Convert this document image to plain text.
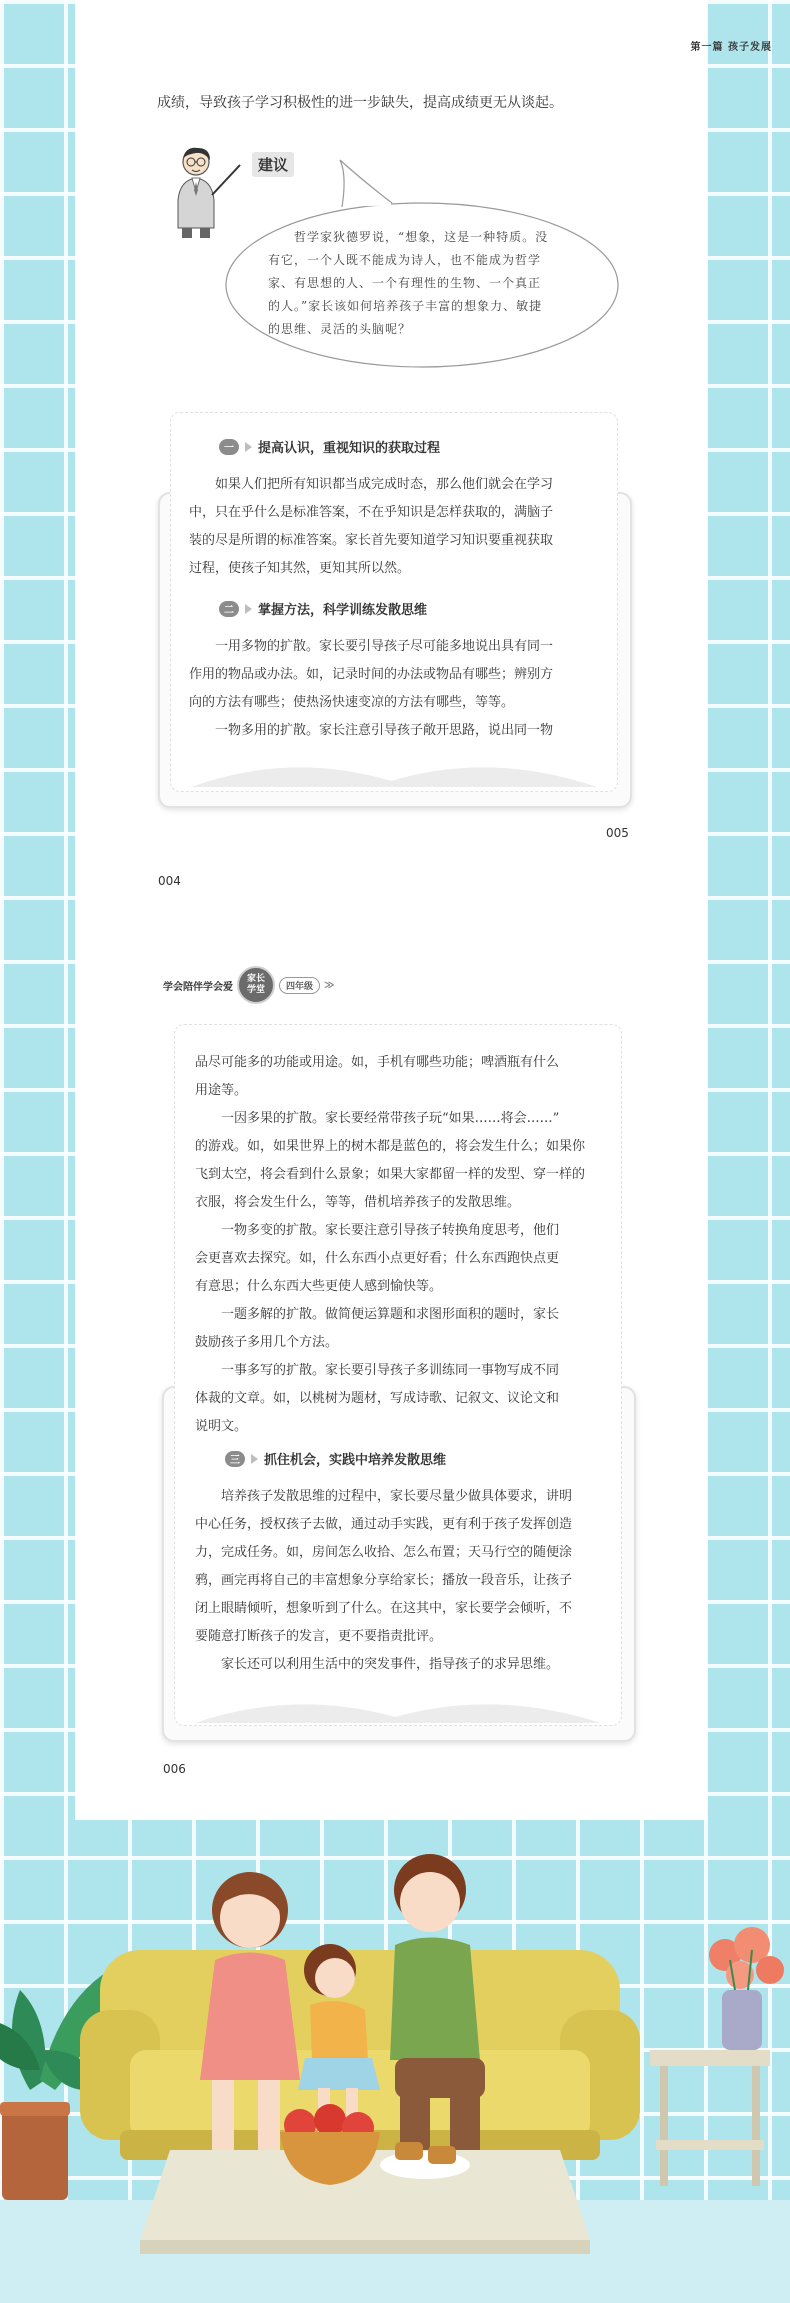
第一篇 孩子发展
成绩，导致孩子学习积极性的进一步缺失，提高成绩更无从谈起。
建议
哲学家狄德罗说，“想象，这是一种特质。没
有它，一个人既不能成为诗人，也不能成为哲学
家、有思想的人、一个有理性的生物、一个真正
的人。”家长该如何培养孩子丰富的想象力、敏捷
的思维、灵活的头脑呢？
一	提高认识，重视知识的获取过程

如果人们把所有知识都当成完成时态，那么他们就会在学习

中，只在乎什么是标准答案，不在乎知识是怎样获取的，满脑子

装的尽是所谓的标准答案。家长首先要知道学习知识要重视获取

过程，使孩子知其然，更知其所以然。

二	掌握方法，科学训练发散思维

一用多物的扩散。家长要引导孩子尽可能多地说出具有同一

作用的物品或办法。如，记录时间的办法或物品有哪些；辨别方

向的方法有哪些；使热汤快速变凉的方法有哪些，等等。

一物多用的扩散。家长注意引导孩子敞开思路，说出同一物

005
004
学会陪伴学会爱
家长
学堂	四年级	≫

品尽可能多的功能或用途。如，手机有哪些功能；啤酒瓶有什么

用途等。

一因多果的扩散。家长要经常带孩子玩“如果……将会……”

的游戏。如，如果世界上的树木都是蓝色的，将会发生什么；如果你

飞到太空，将会看到什么景象；如果大家都留一样的发型、穿一样的

衣服，将会发生什么，等等，借机培养孩子的发散思维。

一物多变的扩散。家长要注意引导孩子转换角度思考，他们

会更喜欢去探究。如，什么东西小点更好看；什么东西跑快点更

有意思；什么东西大些更使人感到愉快等。

一题多解的扩散。做简便运算题和求图形面积的题时，家长

鼓励孩子多用几个方法。

一事多写的扩散。家长要引导孩子多训练同一事物写成不同

体裁的文章。如，以桃树为题材，写成诗歌、记叙文、议论文和

说明文。

三	抓住机会，实践中培养发散思维

培养孩子发散思维的过程中，家长要尽量少做具体要求，讲明

中心任务，授权孩子去做，通过动手实践，更有利于孩子发挥创造

力，完成任务。如，房间怎么收拾、怎么布置；天马行空的随便涂

鸦，画完再将自己的丰富想象分享给家长；播放一段音乐，让孩子

闭上眼睛倾听，想象听到了什么。在这其中，家长要学会倾听，不

要随意打断孩子的发言，更不要指责批评。

家长还可以利用生活中的突发事件，指导孩子的求异思维。

006
